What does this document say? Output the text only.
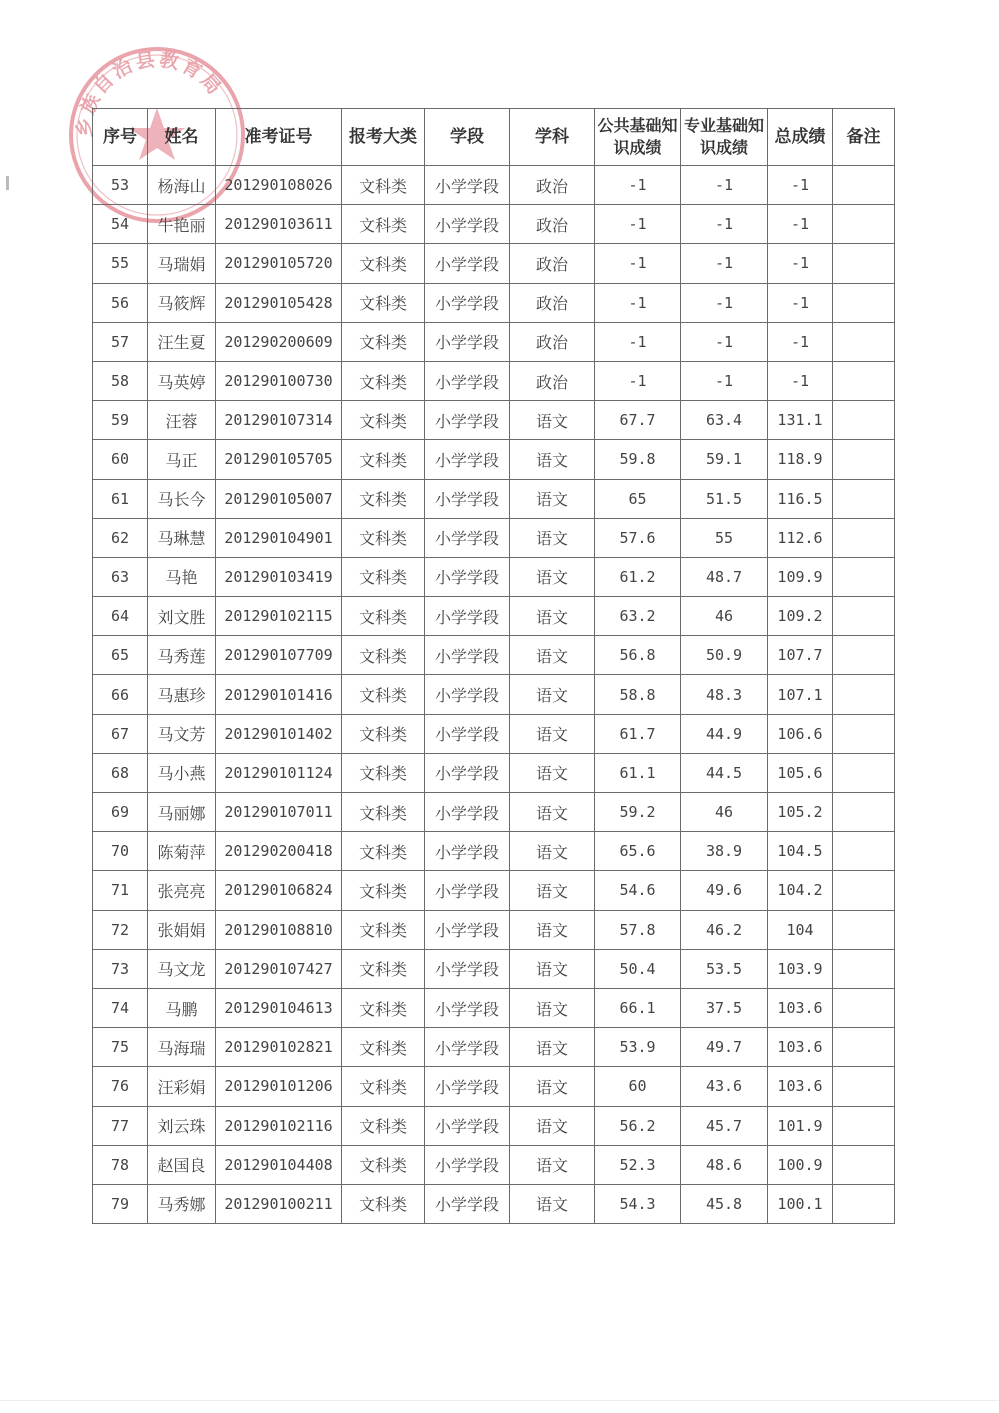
乡族自治县教育局
序号	姓名	准考证号	报考大类	学段	学科	公共基础知识成绩	专业基础知识成绩	总成绩	备注
53	杨海山	201290108026	文科类	小学学段	政治	-1	-1	-1	
54	牛艳丽	201290103611	文科类	小学学段	政治	-1	-1	-1	
55	马瑞娟	201290105720	文科类	小学学段	政治	-1	-1	-1	
56	马筱辉	201290105428	文科类	小学学段	政治	-1	-1	-1	
57	汪生夏	201290200609	文科类	小学学段	政治	-1	-1	-1	
58	马英婷	201290100730	文科类	小学学段	政治	-1	-1	-1	
59	汪蓉	201290107314	文科类	小学学段	语文	67.7	63.4	131.1	
60	马正	201290105705	文科类	小学学段	语文	59.8	59.1	118.9	
61	马长今	201290105007	文科类	小学学段	语文	65	51.5	116.5	
62	马琳慧	201290104901	文科类	小学学段	语文	57.6	55	112.6	
63	马艳	201290103419	文科类	小学学段	语文	61.2	48.7	109.9	
64	刘文胜	201290102115	文科类	小学学段	语文	63.2	46	109.2	
65	马秀莲	201290107709	文科类	小学学段	语文	56.8	50.9	107.7	
66	马惠珍	201290101416	文科类	小学学段	语文	58.8	48.3	107.1	
67	马文芳	201290101402	文科类	小学学段	语文	61.7	44.9	106.6	
68	马小燕	201290101124	文科类	小学学段	语文	61.1	44.5	105.6	
69	马丽娜	201290107011	文科类	小学学段	语文	59.2	46	105.2	
70	陈菊萍	201290200418	文科类	小学学段	语文	65.6	38.9	104.5	
71	张亮亮	201290106824	文科类	小学学段	语文	54.6	49.6	104.2	
72	张娟娟	201290108810	文科类	小学学段	语文	57.8	46.2	104	
73	马文龙	201290107427	文科类	小学学段	语文	50.4	53.5	103.9	
74	马鹏	201290104613	文科类	小学学段	语文	66.1	37.5	103.6	
75	马海瑞	201290102821	文科类	小学学段	语文	53.9	49.7	103.6	
76	汪彩娟	201290101206	文科类	小学学段	语文	60	43.6	103.6	
77	刘云珠	201290102116	文科类	小学学段	语文	56.2	45.7	101.9	
78	赵国良	201290104408	文科类	小学学段	语文	52.3	48.6	100.9	
79	马秀娜	201290100211	文科类	小学学段	语文	54.3	45.8	100.1	
